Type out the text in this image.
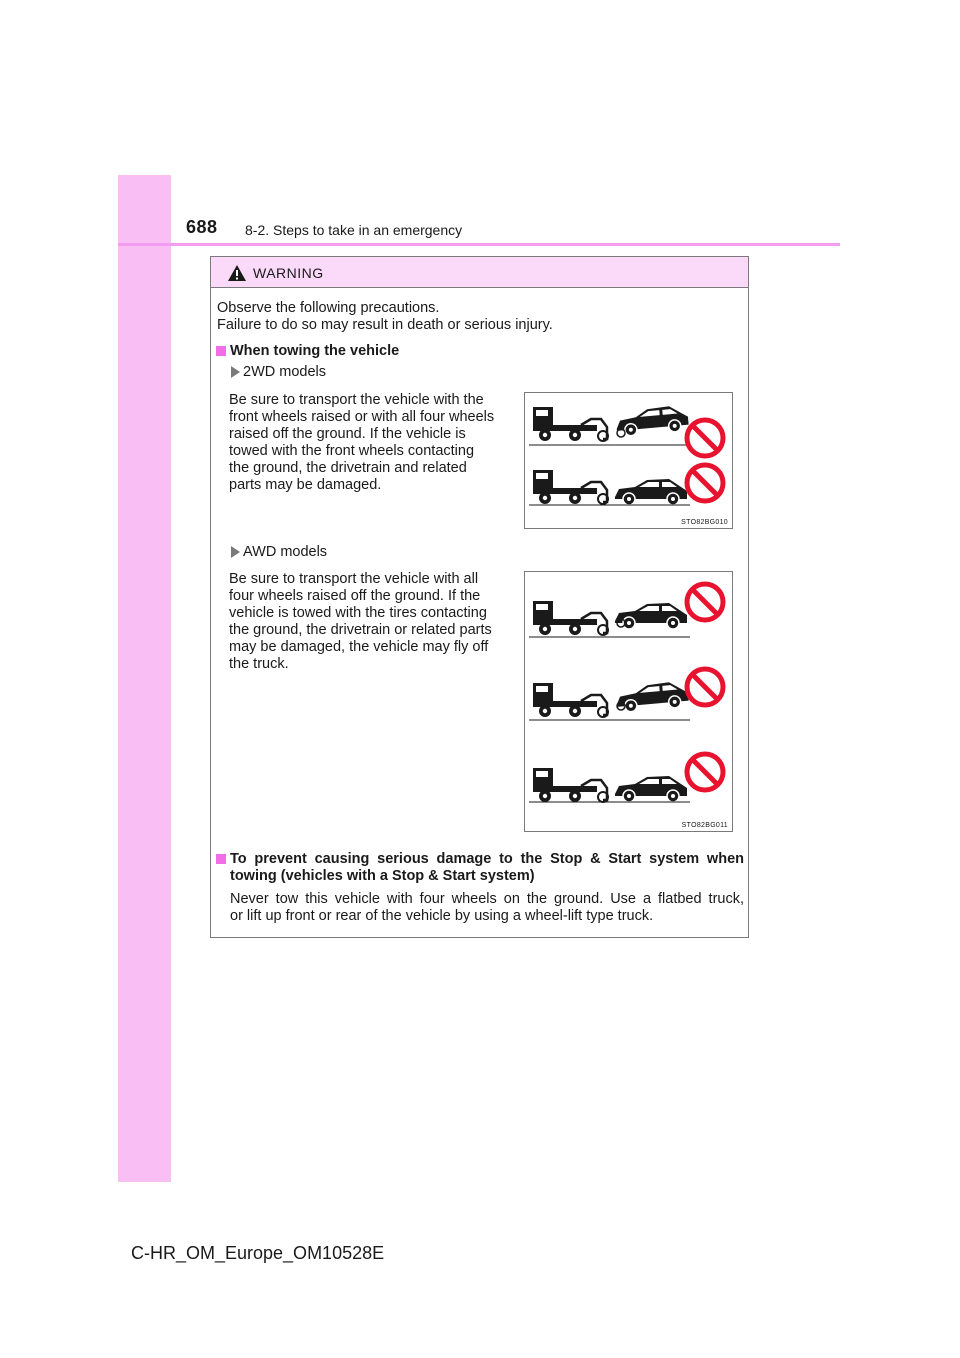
688 8-2. Steps to take in an emergency
WARNING
Observe the following precautions.
Failure to do so may result in death or serious injury.
When towing the vehicle
2WD models
Be sure to transport the vehicle with the
front wheels raised or with all four wheels
raised off the ground. If the vehicle is
towed with the front wheels contacting
the ground, the drivetrain and related
parts may be damaged.
STO82BG010
AWD models
Be sure to transport the vehicle with all
four wheels raised off the ground. If the
vehicle is towed with the tires contacting
the ground, the drivetrain or related parts
may be damaged, the vehicle may fly off
the truck.
STO82BG011
To prevent causing serious damage to the Stop & Start system when
towing (vehicles with a Stop & Start system)
Never tow this vehicle with four wheels on the ground. Use a flatbed truck,
or lift up front or rear of the vehicle by using a wheel-lift type truck.
C-HR_OM_Europe_OM10528E
